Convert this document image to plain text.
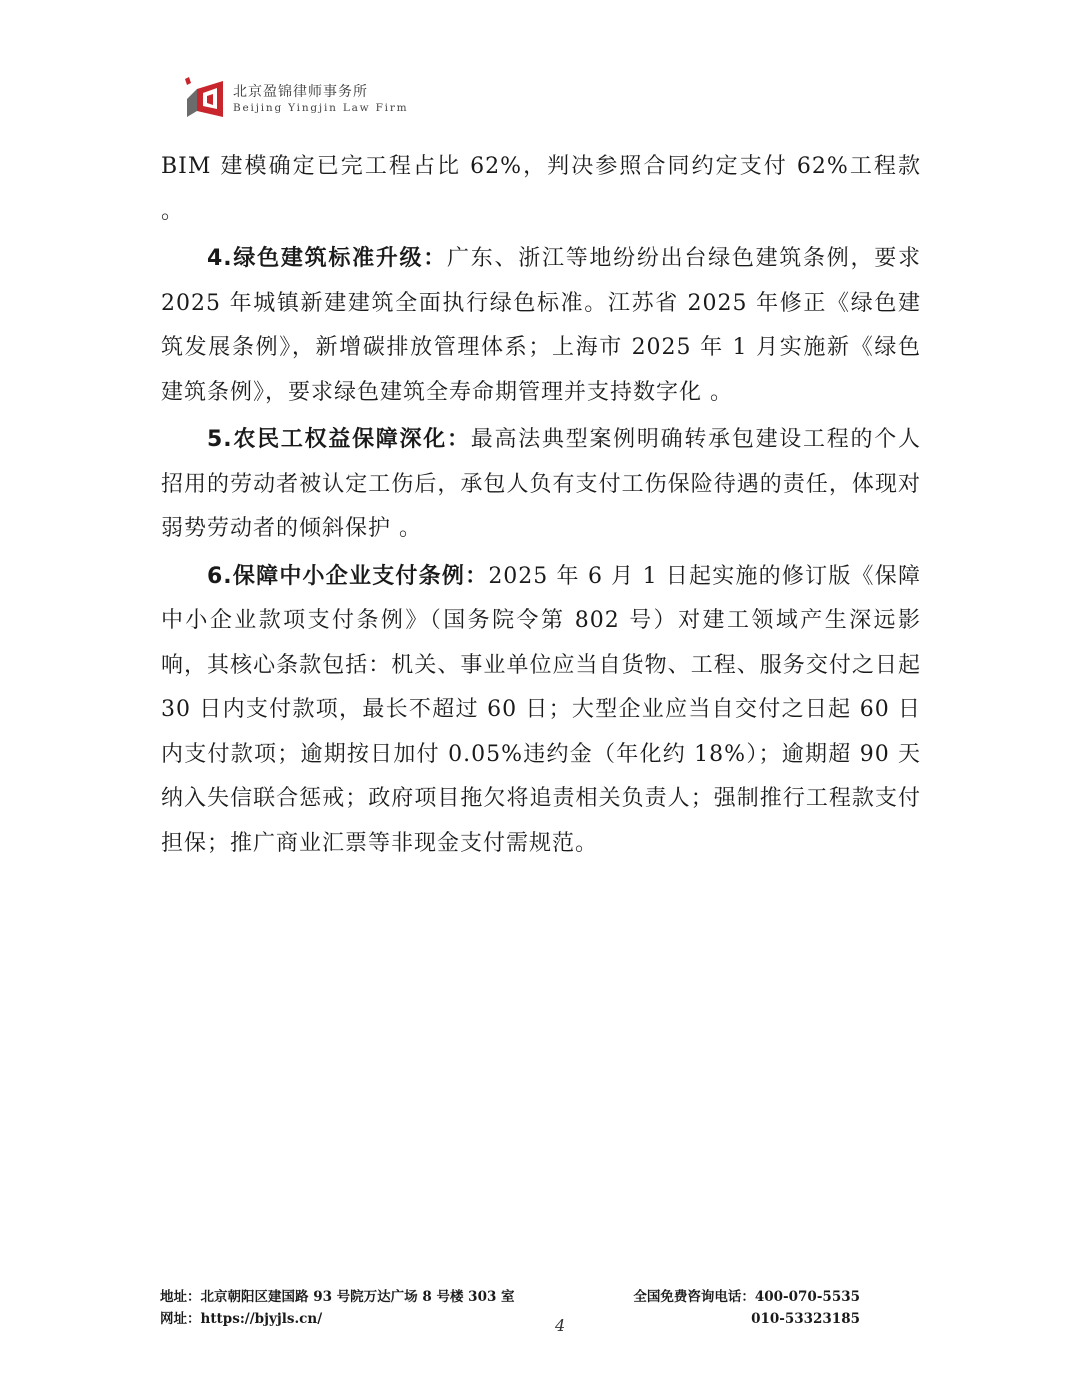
北京盈锦律师事务所
Beijing Yingjin Law Firm

BIM 建模确定已完工程占比 62%，判决参照合同约定支付 62%工程款 。

4.绿色建筑标准升级：广东、浙江等地纷纷出台绿色建筑条例，要求 2025 年城镇新建建筑全面执行绿色标准。江苏省 2025 年修正《绿色建筑发展条例》，新增碳排放管理体系；上海市 2025 年 1 月实施新《绿色建筑条例》，要求绿色建筑全寿命期管理并支持数字化 。

5.农民工权益保障深化：最高法典型案例明确转承包建设工程的个人招用的劳动者被认定工伤后，承包人负有支付工伤保险待遇的责任，体现对弱势劳动者的倾斜保护 。

6.保障中小企业支付条例：2025 年 6 月 1 日起实施的修订版《保障中小企业款项支付条例》（国务院令第 802 号）对建工领域产生深远影响，其核心条款包括：机关、事业单位应当自货物、工程、服务交付之日起 30 日内支付款项，最长不超过 60 日；大型企业应当自交付之日起 60 日内支付款项；逾期按日加付 0.05%违约金（年化约 18%）；逾期超 90 天纳入失信联合惩戒；政府项目拖欠将追责相关负责人；强制推行工程款支付担保；推广商业汇票等非现金支付需规范。

地址：北京朝阳区建国路 93 号院万达广场 8 号楼 303 室	全国免费咨询电话：400-070-5535
网址：https://bjyjls.cn/	010-53323185
4
